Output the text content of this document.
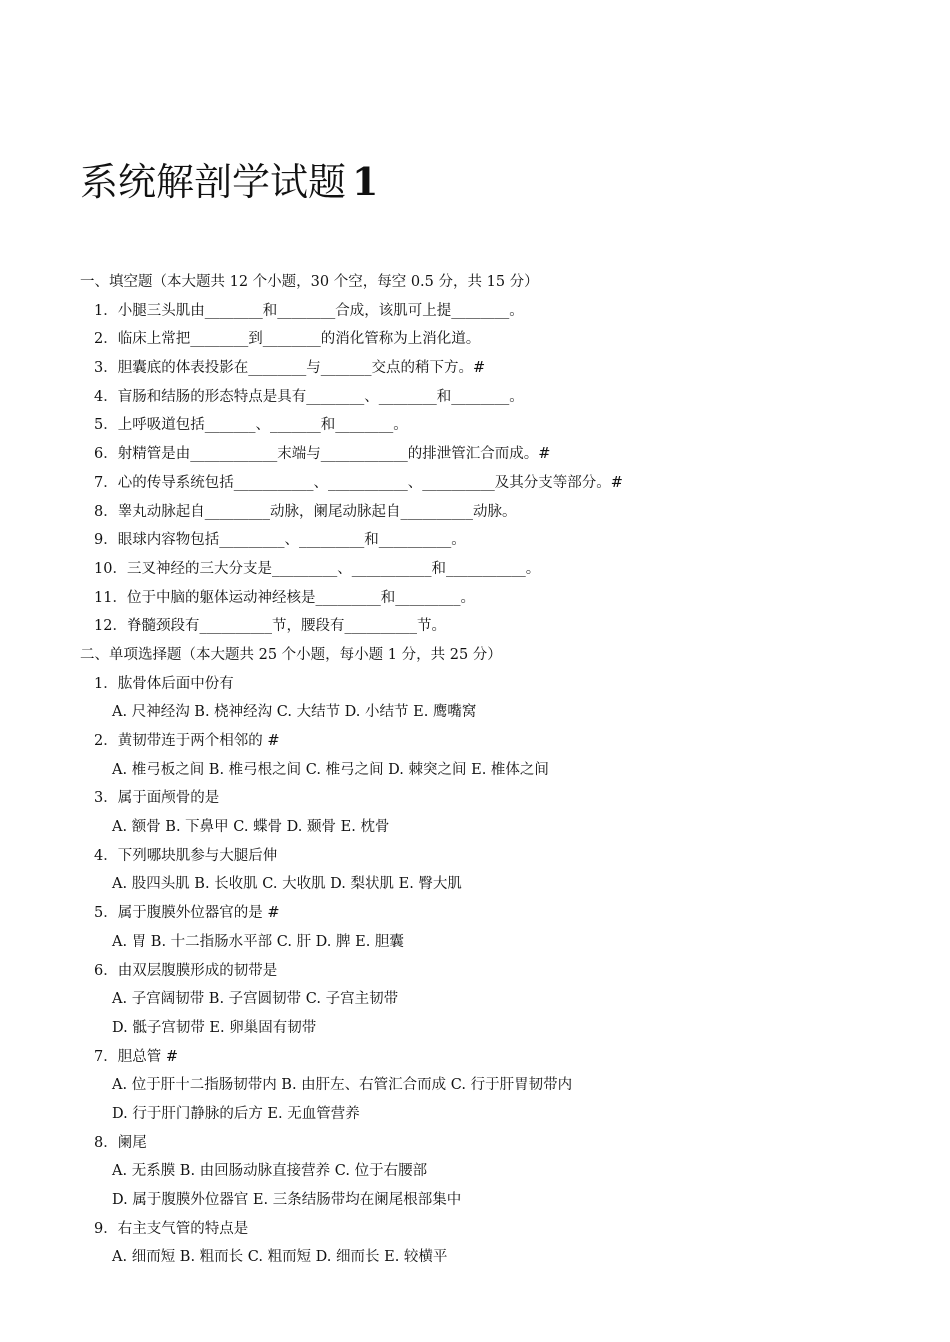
系统解剖学试题 1
一、填空题（本大题共 12 个小题，30 个空，每空 0.5 分，共 15 分）
1．小腿三头肌由________和________合成，该肌可上提________。
2．临床上常把________到________的消化管称为上消化道。
3．胆囊底的体表投影在________与_______交点的稍下方。#
4．盲肠和结肠的形态特点是具有________、________和________。
5．上呼吸道包括_______、_______和________。
6．射精管是由____________末端与____________的排泄管汇合而成。#
7．心的传导系统包括___________、___________、__________及其分支等部分。#
8．睾丸动脉起自_________动脉，阑尾动脉起自__________动脉。
9．眼球内容物包括_________、_________和__________。
10．三叉神经的三大分支是_________、___________和___________。
11．位于中脑的躯体运动神经核是_________和_________。
12．脊髓颈段有__________节，腰段有__________节。
二、单项选择题（本大题共 25 个小题，每小题 1 分，共 25 分）
1．肱骨体后面中份有
A. 尺神经沟 B. 桡神经沟 C. 大结节 D. 小结节 E. 鹰嘴窝
2．黄韧带连于两个相邻的 #
A. 椎弓板之间 B. 椎弓根之间 C. 椎弓之间 D. 棘突之间 E. 椎体之间
3．属于面颅骨的是
A. 额骨 B. 下鼻甲 C. 蝶骨 D. 颞骨 E. 枕骨
4．下列哪块肌参与大腿后伸
A. 股四头肌 B. 长收肌 C. 大收肌 D. 梨状肌 E. 臀大肌
5．属于腹膜外位器官的是 #
A. 胃 B. 十二指肠水平部 C. 肝 D. 脾 E. 胆囊
6．由双层腹膜形成的韧带是
A. 子宫阔韧带 B. 子宫圆韧带 C. 子宫主韧带
D. 骶子宫韧带 E. 卵巢固有韧带
7．胆总管 #
A. 位于肝十二指肠韧带内 B. 由肝左、右管汇合而成 C. 行于肝胃韧带内
D. 行于肝门静脉的后方 E. 无血管营养
8．阑尾
A. 无系膜 B. 由回肠动脉直接营养 C. 位于右腰部
D. 属于腹膜外位器官 E. 三条结肠带均在阑尾根部集中
9．右主支气管的特点是
A. 细而短 B. 粗而长 C. 粗而短 D. 细而长 E. 较横平
